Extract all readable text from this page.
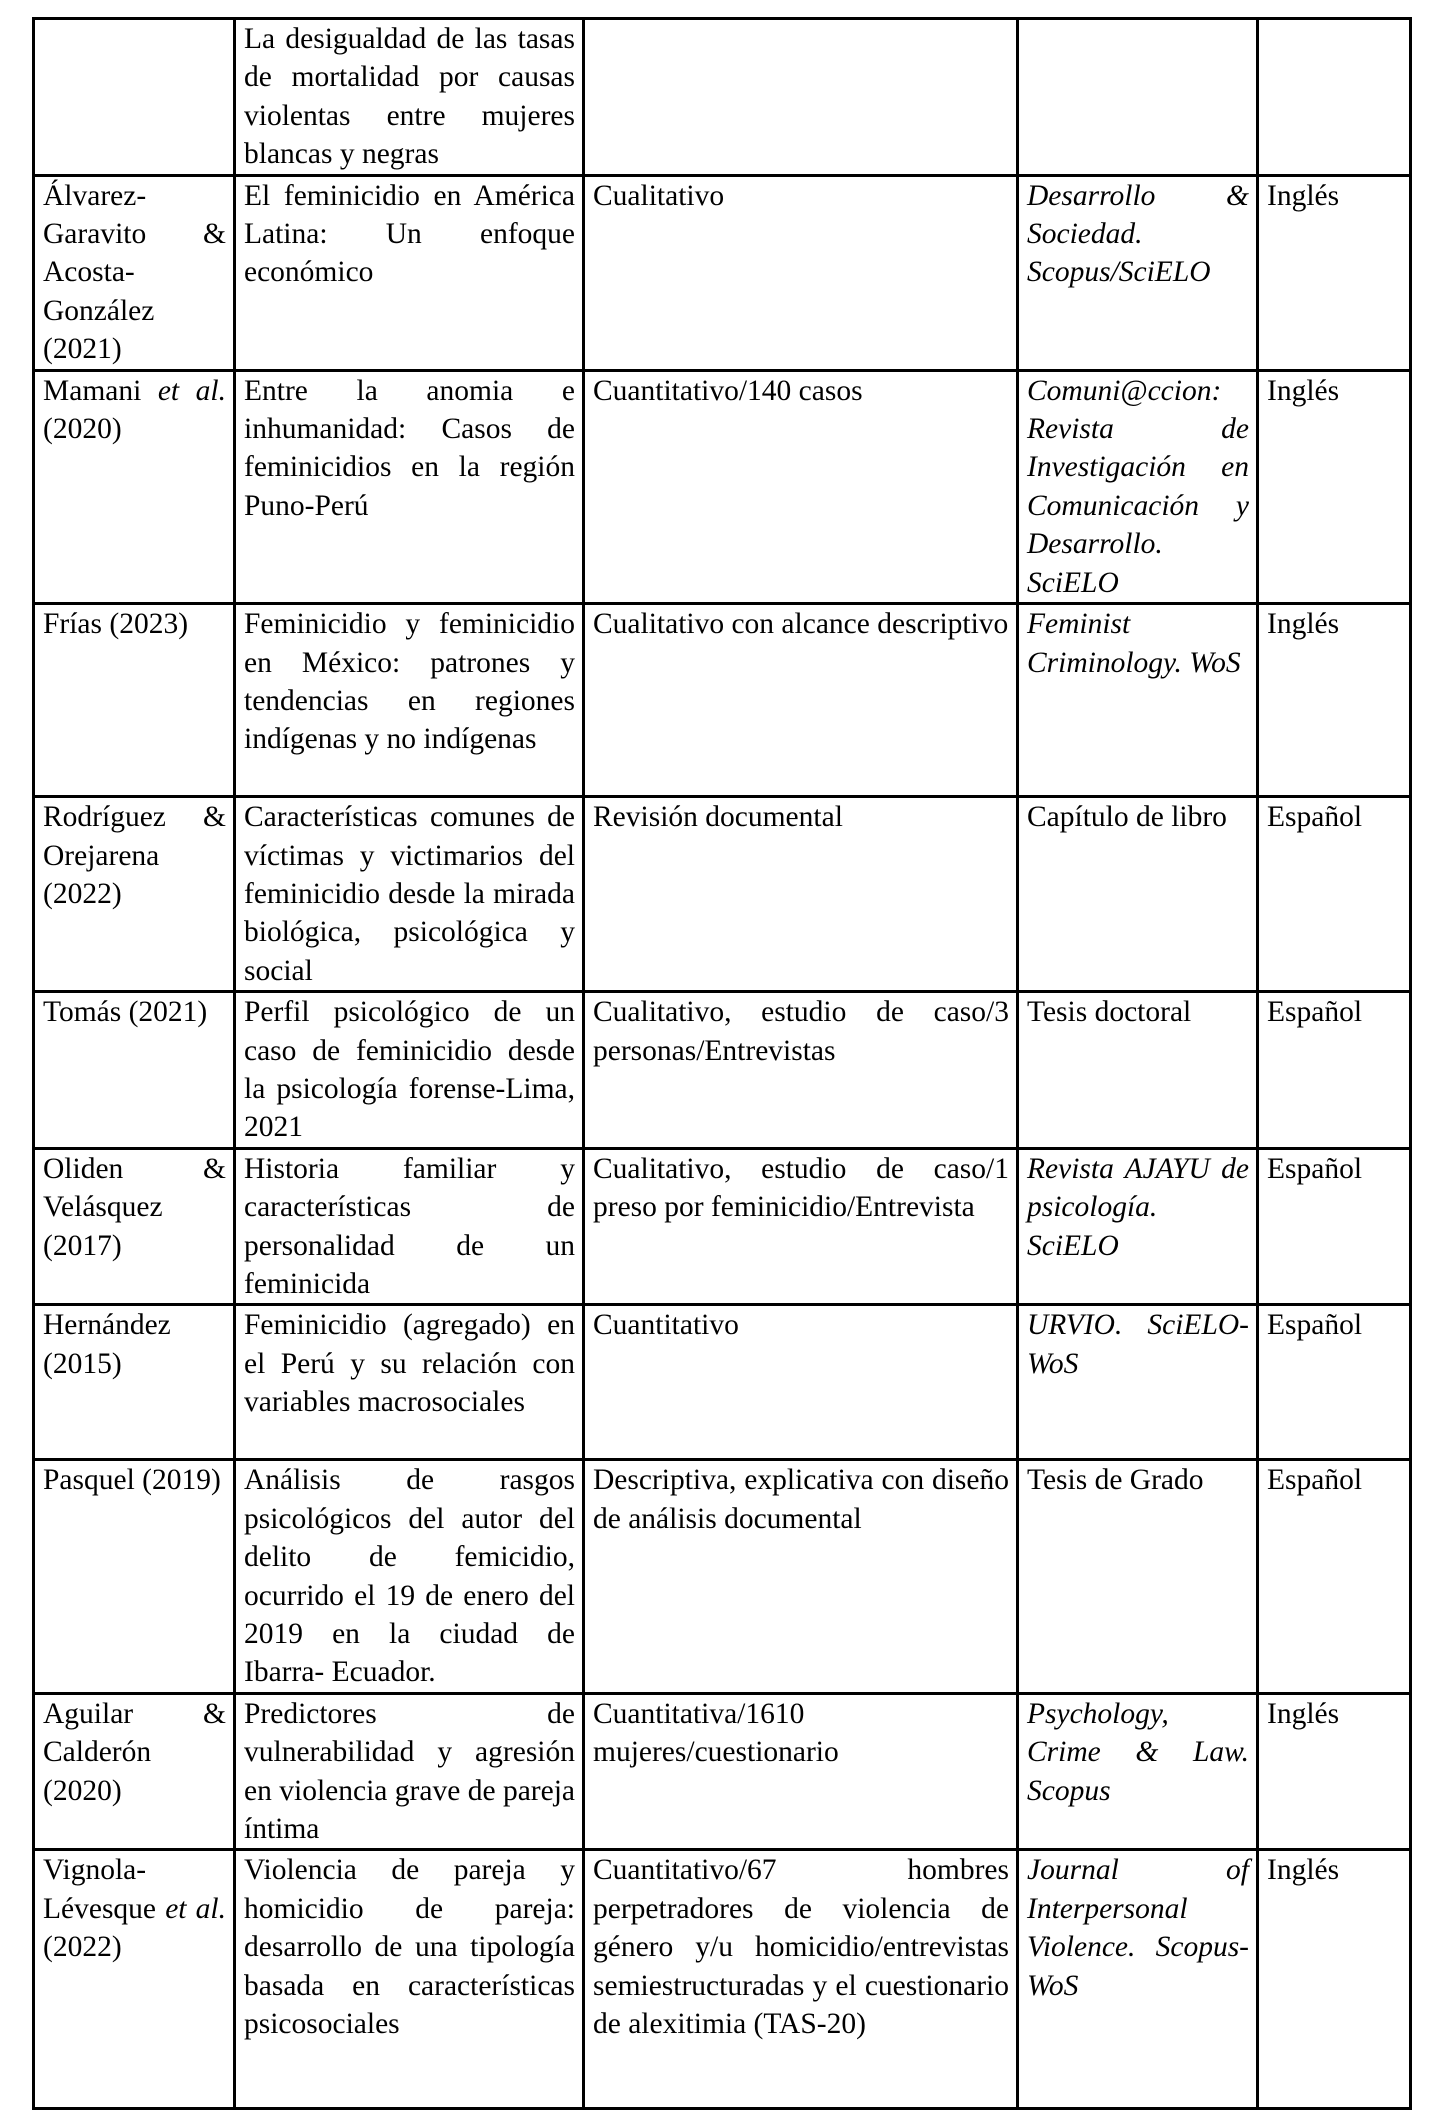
	La desigualdad de las tasas de mortalidad por causas violentas entre mujeres blancas y negras			
Álvarez-Garavito & Acosta-González (2021)	El feminicidio en América Latina: Un enfoque económico	Cualitativo	Desarrollo & Sociedad. Scopus/SciELO	Inglés
Mamani et al. (2020)	Entre la anomia e inhumanidad: Casos de feminicidios en la región Puno-Perú	Cuantitativo/140 casos	Comuni@ccion: Revista de Investigación en Comunicación y Desarrollo. SciELO	Inglés
Frías (2023)	Feminicidio y feminicidio en México: patrones y tendencias en regiones indígenas y no indígenas	Cualitativo con alcance descriptivo	Feminist Criminology. WoS	Inglés
Rodríguez & Orejarena (2022)	Características comunes de víctimas y victimarios del feminicidio desde la mirada biológica, psicológica y social	Revisión documental	Capítulo de libro	Español
Tomás (2021)	Perfil psicológico de un caso de feminicidio desde la psicología forense-Lima, 2021	Cualitativo, estudio de caso/3 personas/Entrevistas	Tesis doctoral	Español
Oliden & Velásquez (2017)	Historia familiar y características de personalidad de un feminicida	Cualitativo, estudio de caso/1 preso por feminicidio/Entrevista	Revista AJAYU de psicología. SciELO	Español
Hernández (2015)	Feminicidio (agregado) en el Perú y su relación con variables macrosociales	Cuantitativo	URVIO. SciELO-WoS	Español
Pasquel (2019)	Análisis de rasgos psicológicos del autor del delito de femicidio, ocurrido el 19 de enero del 2019 en la ciudad de Ibarra- Ecuador.	Descriptiva, explicativa con diseño de análisis documental	Tesis de Grado	Español
Aguilar & Calderón (2020)	Predictores de vulnerabilidad y agresión en violencia grave de pareja íntima	Cuantitativa/1610 mujeres/cuestionario	Psychology, Crime & Law. Scopus	Inglés
Vignola-Lévesque et al. (2022)	Violencia de pareja y homicidio de pareja: desarrollo de una tipología basada en características psicosociales	Cuantitativo/67 hombres perpetradores de violencia de género y/u homicidio/entrevistas semiestructuradas y el cuestionario de alexitimia (TAS-20)	Journal of Interpersonal Violence. Scopus-WoS	Inglés
